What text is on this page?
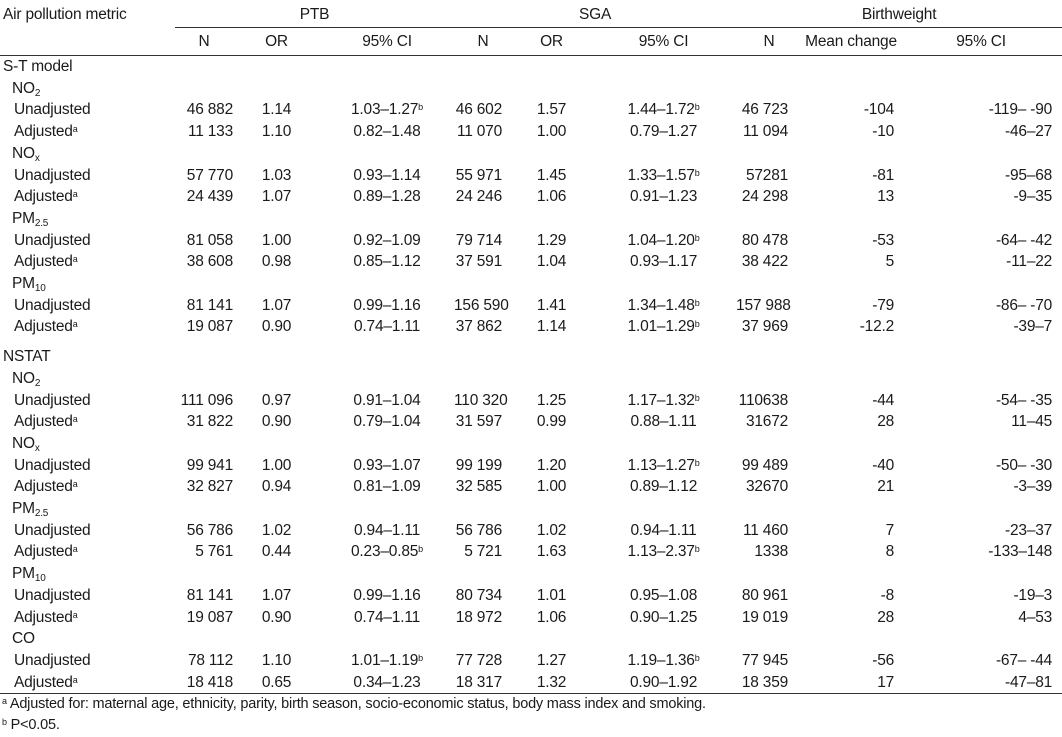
Air pollution metric	PTB			SGA			Birthweight		
	N	OR	95% CI	N	OR	95% CI	N	Mean change	95% CI
S-T model									
$NO_2$
Unadjusted	46 882	1.14	1.03–1.27$^b$	46 602	1.57	1.44–1.72$^b$	46 723	-104	-119– -90
Adjusted$^a$	11 133	1.10	0.82–1.48	11 070	1.00	0.79–1.27	11 094	-10	-46–27
$NO_x$
Unadjusted	57 770	1.03	0.93–1.14	55 971	1.45	1.33–1.57$^b$	57281	-81	-95–68
Adjusted$^a$	24 439	1.07	0.89–1.28	24 246	1.06	0.91–1.23	24 298	13	-9–35
$PM_{2.5}$
Unadjusted	81 058	1.00	0.92–1.09	79 714	1.29	1.04–1.20$^b$	80 478	-53	-64– -42
Adjusted$^a$	38 608	0.98	0.85–1.12	37 591	1.04	0.93–1.17	38 422	5	-11–22
$PM_{10}$
Unadjusted	81 141	1.07	0.99–1.16	156 590	1.41	1.34–1.48$^b$	157 988	-79	-86– -70
Adjusted$^a$	19 087	0.90	0.74–1.11	37 862	1.14	1.01–1.29$^b$	37 969	-12.2	-39–7

NSTAT									
$NO_2$
Unadjusted	111 096	0.97	0.91–1.04	110 320	1.25	1.17–1.32$^b$	110638	-44	-54– -35
Adjusted$^a$	31 822	0.90	0.79–1.04	31 597	0.99	0.88–1.11	31672	28	11–45
$NO_x$
Unadjusted	99 941	1.00	0.93–1.07	99 199	1.20	1.13–1.27$^b$	99 489	-40	-50– -30
Adjusted$^a$	32 827	0.94	0.81–1.09	32 585	1.00	0.89–1.12	32670	21	-3–39
$PM_{2.5}$
Unadjusted	56 786	1.02	0.94–1.11	56 786	1.02	0.94–1.11	11 460	7	-23–37
Adjusted$^a$	5 761	0.44	0.23–0.85$^b$	5 721	1.63	1.13–2.37$^b$	1338	8	-133–148
$PM_{10}$
Unadjusted	81 141	1.07	0.99–1.16	80 734	1.01	0.95–1.08	80 961	-8	-19–3
Adjusted$^a$	19 087	0.90	0.74–1.11	18 972	1.06	0.90–1.25	19 019	28	4–53
CO									
Unadjusted	78 112	1.10	1.01–1.19$^b$	77 728	1.27	1.19–1.36$^b$	77 945	-56	-67– -44
Adjusted$^a$	18 418	0.65	0.34–1.23	18 317	1.32	0.90–1.92	18 359	17	-47–81
$^a$ Adjusted for: maternal age, ethnicity, parity, birth season, socio-economic status, body mass index and smoking.
$^b$ P<0.05.
